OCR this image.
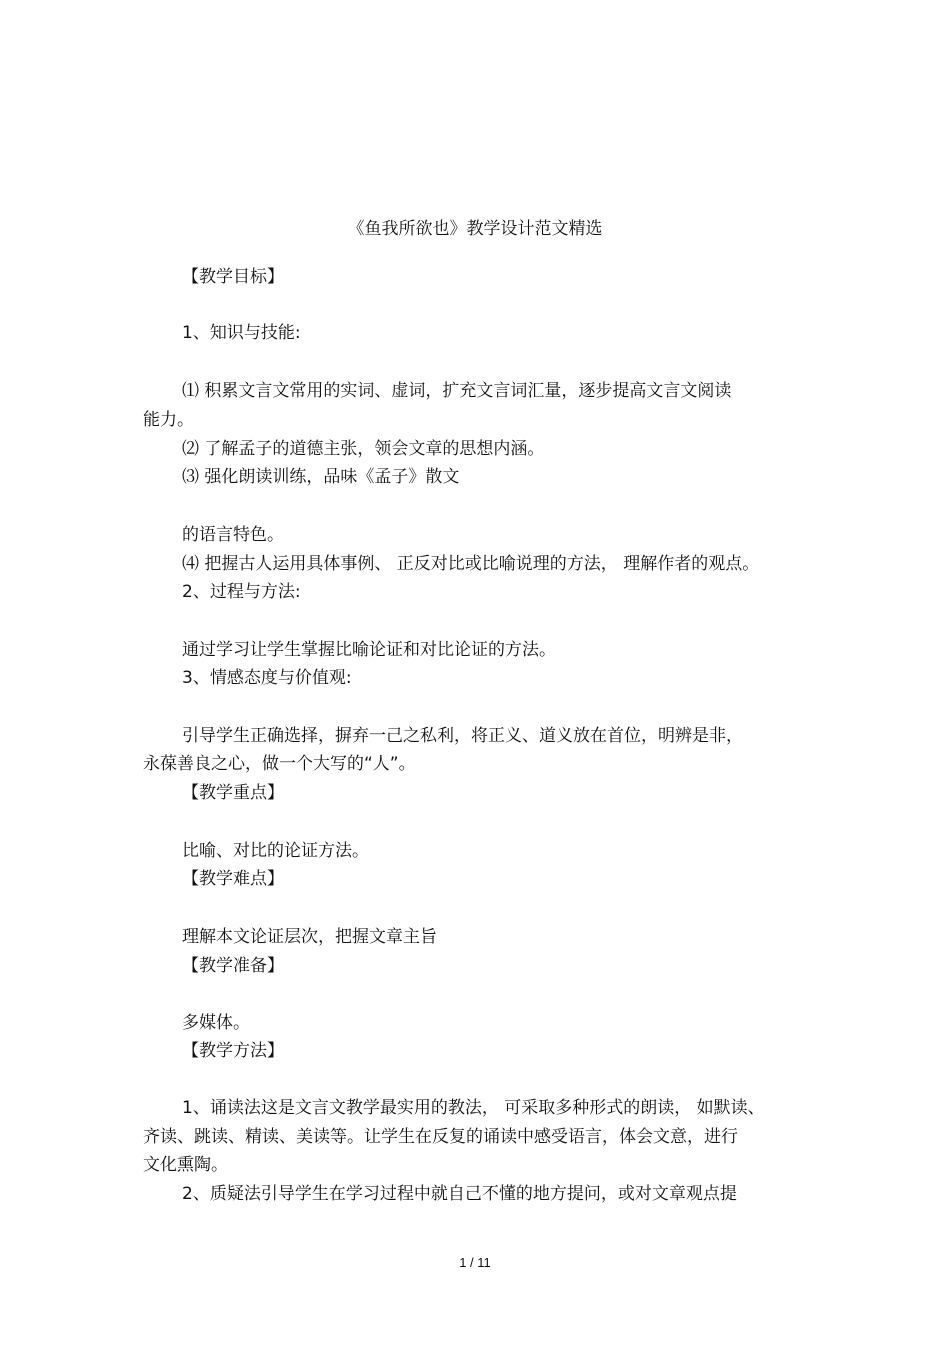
《鱼我所欲也》教学设计范文精选
【教学目标】
1、知识与技能:
⑴ 积累文言文常用的实词、虚词，扩充文言词汇量，逐步提高文言文阅读
能力。
⑵ 了解孟子的道德主张，领会文章的思想内涵。
⑶ 强化朗读训练，品味《孟子》散文
的语言特色。
⑷ 把握古人运用具体事例、 正反对比或比喻说理的方法， 理解作者的观点。
2、过程与方法:
通过学习让学生掌握比喻论证和对比论证的方法。
3、情感态度与价值观:
引导学生正确选择，摒弃一己之私利，将正义、道义放在首位，明辨是非，
永葆善良之心，做一个大写的“人”。
【教学重点】
比喻、对比的论证方法。
【教学难点】
理解本文论证层次，把握文章主旨
【教学准备】
多媒体。
【教学方法】
1、诵读法这是文言文教学最实用的教法， 可采取多种形式的朗读， 如默读、
齐读、跳读、精读、美读等。让学生在反复的诵读中感受语言，体会文意，进行
文化熏陶。
2、质疑法引导学生在学习过程中就自己不懂的地方提问，或对文章观点提
1 / 11
